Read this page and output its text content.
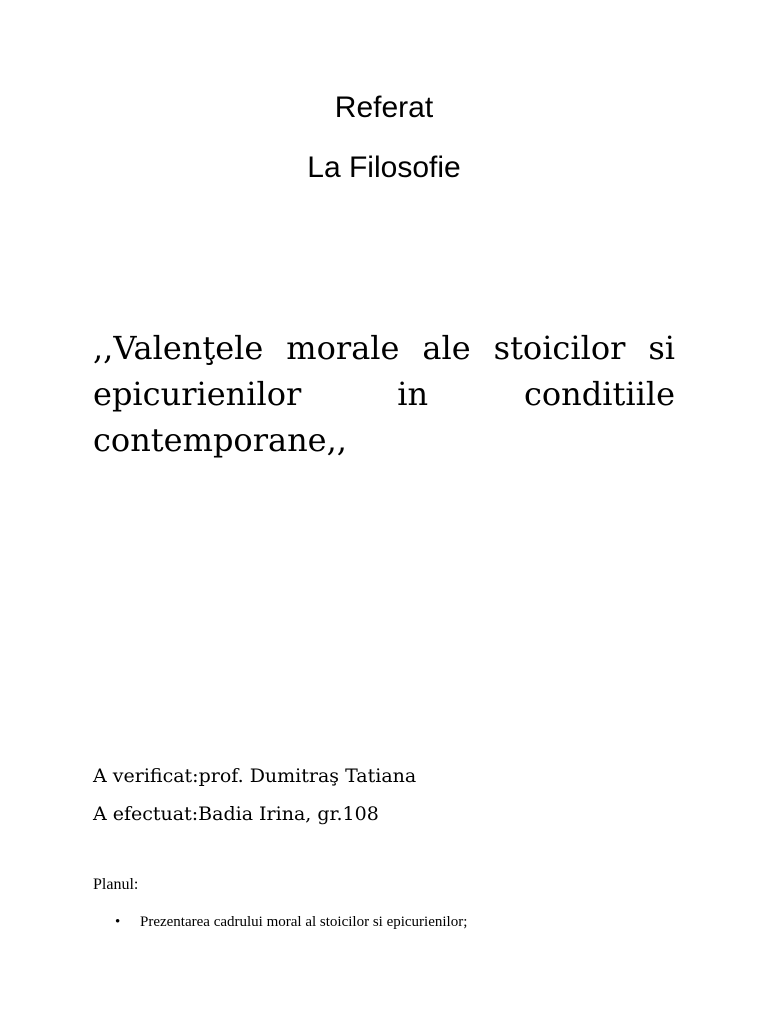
Referat
La Filosofie
,,Valenţele morale ale stoicilor si epicurienilor in conditiile contemporane,,
A verificat:prof. Dumitraş Tatiana
A efectuat:Badia Irina, gr.108
Planul:
• Prezentarea cadrului moral al stoicilor si epicurienilor;
